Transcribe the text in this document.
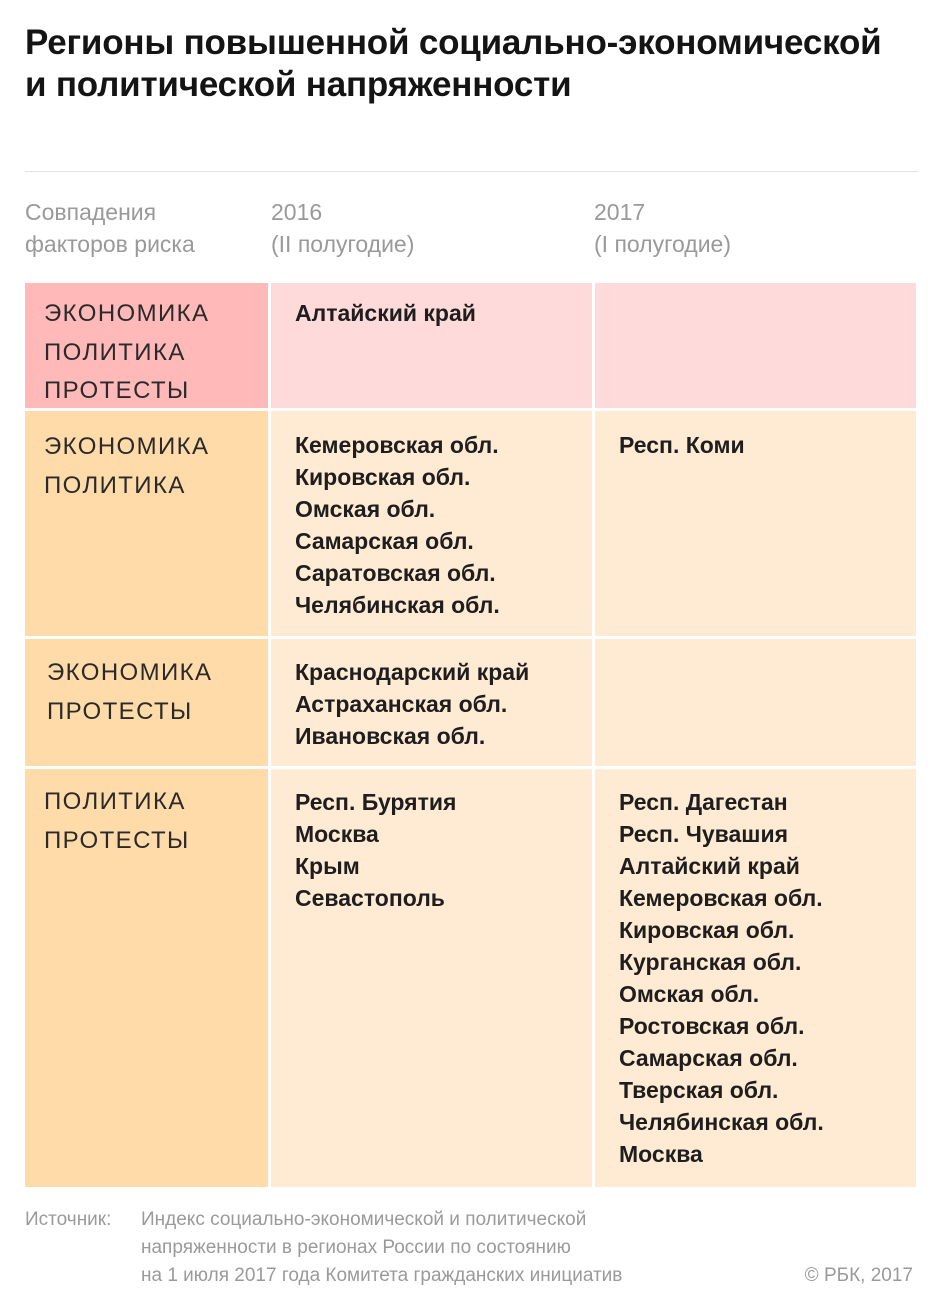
Регионы повышенной социально-экономической и политической напряженности
Совпадения
факторов риска
2016
(II полугодие)
2017
(I полугодие)
ЭКОНОМИКА
ПОЛИТИКА
ПРОТЕСТЫ
Алтайский край
ЭКОНОМИКА
ПОЛИТИКА
Кемеровская обл.
Кировская обл.
Омская обл.
Самарская обл.
Саратовская обл.
Челябинская обл.
Респ. Коми
ЭКОНОМИКА
ПРОТЕСТЫ
Краснодарский край
Астраханская обл.
Ивановская обл.
ПОЛИТИКА
ПРОТЕСТЫ
Респ. Бурятия
Москва
Крым
Севастополь
Респ. Дагестан
Респ. Чувашия
Алтайский край
Кемеровская обл.
Кировская обл.
Курганская обл.
Омская обл.
Ростовская обл.
Самарская обл.
Тверская обл.
Челябинская обл.
Москва
Источник: Индекс социально-экономической и политической
напряженности в регионах России по состоянию
на 1 июля 2017 года Комитета гражданских инициатив	© РБК, 2017
